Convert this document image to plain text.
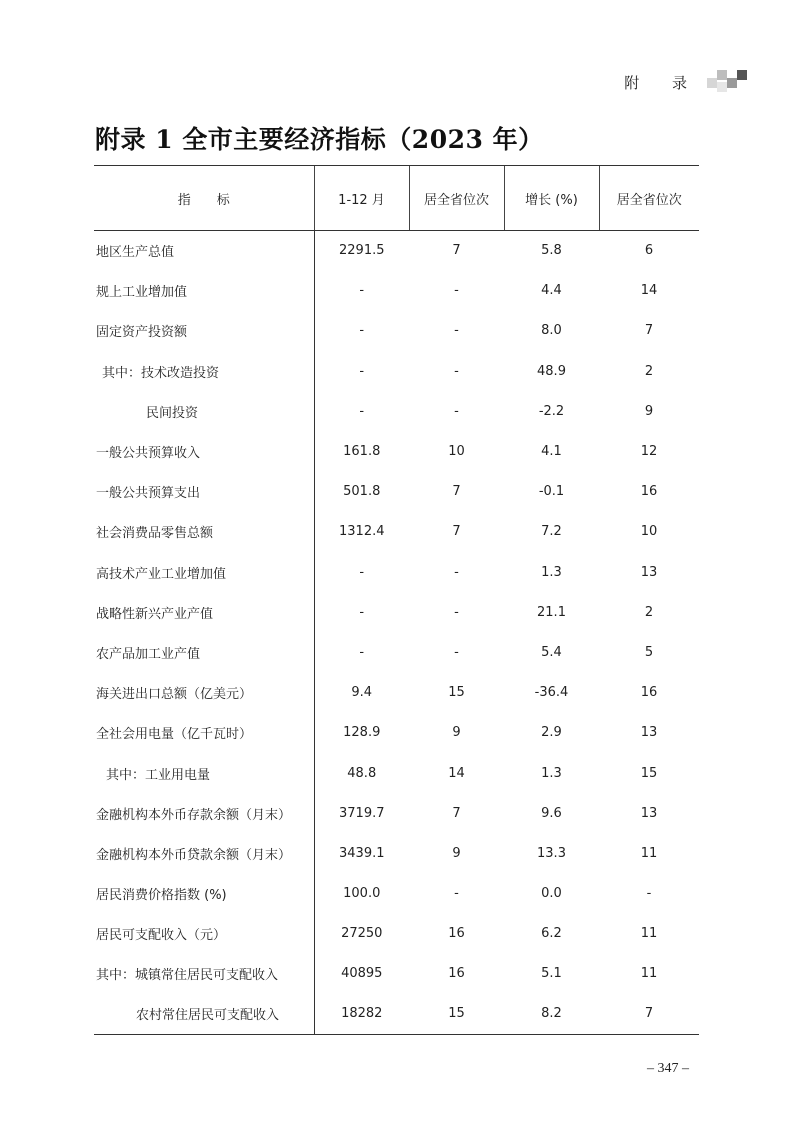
附 录
附录 1 全市主要经济指标（2023 年）
指　　标	1-12 月	居全省位次	增长 (%)	居全省位次
地区生产总值	2291.5	7	5.8	6
规上工业增加值	-	-	4.4	14
固定资产投资额	-	-	8.0	7
其中：技术改造投资	-	-	48.9	2
民间投资	-	-	-2.2	9
一般公共预算收入	161.8	10	4.1	12
一般公共预算支出	501.8	7	-0.1	16
社会消费品零售总额	1312.4	7	7.2	10
高技术产业工业增加值	-	-	1.3	13
战略性新兴产业产值	-	-	21.1	2
农产品加工业产值	-	-	5.4	5
海关进出口总额（亿美元）	9.4	15	-36.4	16
全社会用电量（亿千瓦时）	128.9	9	2.9	13
其中：工业用电量	48.8	14	1.3	15
金融机构本外币存款余额（月末）	3719.7	7	9.6	13
金融机构本外币贷款余额（月末）	3439.1	9	13.3	11
居民消费价格指数 (%)	100.0	-	0.0	-
居民可支配收入（元）	27250	16	6.2	11
其中：城镇常住居民可支配收入	40895	16	5.1	11
农村常住居民可支配收入	18282	15	8.2	7
– 347 –
